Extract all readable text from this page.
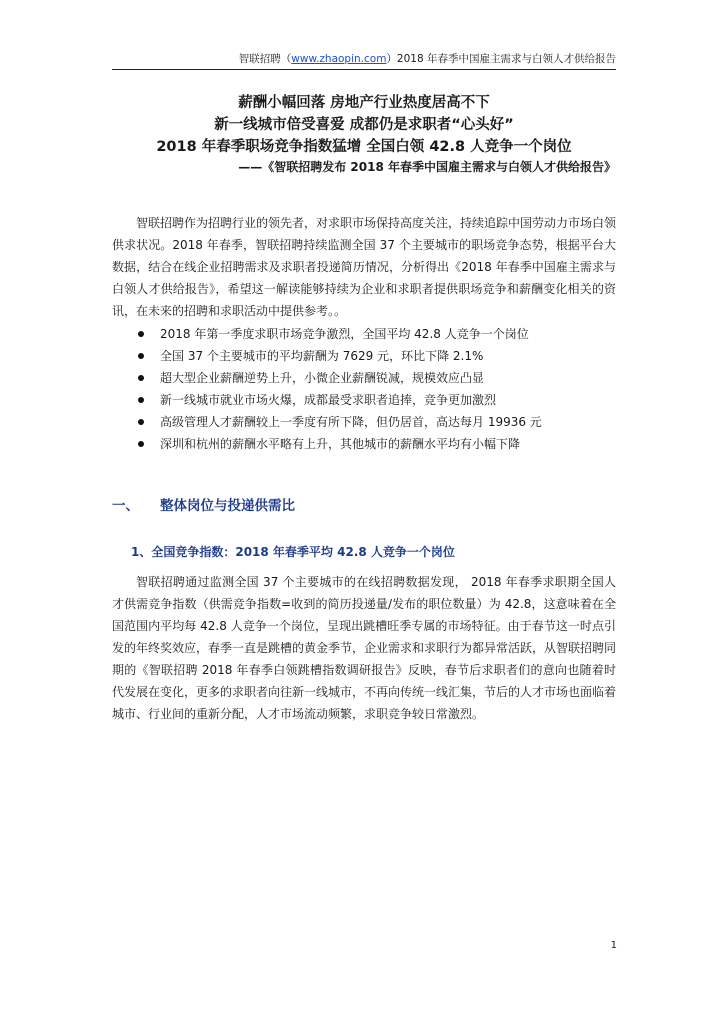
智联招聘（www.zhaopin.com）2018 年春季中国雇主需求与白领人才供给报告

薪酬小幅回落 房地产行业热度居高不下

新一线城市倍受喜爱 成都仍是求职者“心头好”

2018 年春季职场竞争指数猛增 全国白领 42.8 人竞争一个岗位

——《智联招聘发布 2018 年春季中国雇主需求与白领人才供给报告》

智联招聘作为招聘行业的领先者，对求职市场保持高度关注，持续追踪中国劳动力市场白领供求状况。2018 年春季，智联招聘持续监测全国 37 个主要城市的职场竞争态势，根据平台大数据，结合在线企业招聘需求及求职者投递简历情况，分析得出《2018 年春季中国雇主需求与白领人才供给报告》，希望这一解读能够持续为企业和求职者提供职场竞争和薪酬变化相关的资讯，在未来的招聘和求职活动中提供参考。。

2018 年第一季度求职市场竞争激烈，全国平均 42.8 人竞争一个岗位
全国 37 个主要城市的平均薪酬为 7629 元，环比下降 2.1%
超大型企业薪酬逆势上升，小微企业薪酬锐减，规模效应凸显
新一线城市就业市场火爆，成都最受求职者追捧，竞争更加激烈
高级管理人才薪酬较上一季度有所下降，但仍居首，高达每月 19936 元
深圳和杭州的薪酬水平略有上升，其他城市的薪酬水平均有小幅下降
一、 整体岗位与投递供需比
1、全国竞争指数：2018 年春季平均 42.8 人竞争一个岗位

智联招聘通过监测全国 37 个主要城市的在线招聘数据发现， 2018 年春季求职期全国人才供需竞争指数（供需竞争指数=收到的简历投递量/发布的职位数量）为 42.8，这意味着在全国范围内平均每 42.8 人竞争一个岗位，呈现出跳槽旺季专属的市场特征。由于春节这一时点引发的年终奖效应，春季一直是跳槽的黄金季节，企业需求和求职行为都异常活跃，从智联招聘同期的《智联招聘 2018 年春季白领跳槽指数调研报告》反映，春节后求职者们的意向也随着时代发展在变化，更多的求职者向往新一线城市，不再向传统一线汇集，节后的人才市场也面临着城市、行业间的重新分配，人才市场流动频繁，求职竞争较日常激烈。

1
